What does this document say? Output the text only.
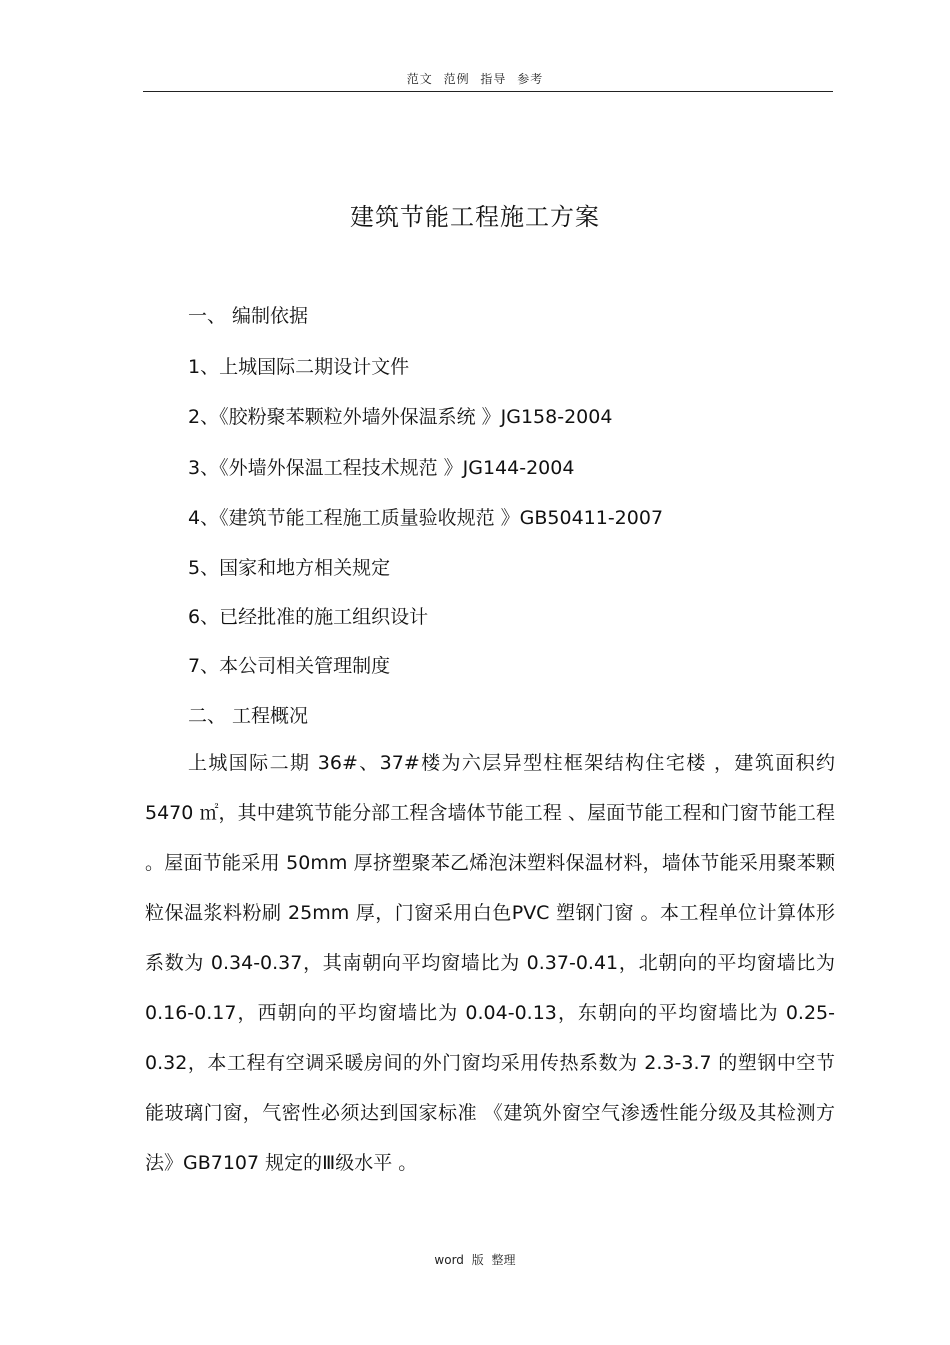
范文 范例 指导 参考
建筑节能工程施工方案
一、 编制依据
1、上城国际二期设计文件
2、《胶粉聚苯颗粒外墙外保温系统 》JG158-2004
3、《外墙外保温工程技术规范 》JG144-2004
4、《建筑节能工程施工质量验收规范 》GB50411-2007
5、国家和地方相关规定
6、已经批准的施工组织设计
7、本公司相关管理制度
二、 工程概况
上城国际二期 36#、37#楼为六层异型柱框架结构住宅楼 ，建筑面积约 5470 ㎡，其中建筑节能分部工程含墙体节能工程 、屋面节能工程和门窗节能工程 。屋面节能采用 50mm 厚挤塑聚苯乙烯泡沫塑料保温材料，墙体节能采用聚苯颗粒保温浆料粉刷 25mm 厚，门窗采用白色PVC 塑钢门窗 。本工程单位计算体形系数为 0.34-0.37，其南朝向平均窗墙比为 0.37-0.41，北朝向的平均窗墙比为 0.16-0.17，西朝向的平均窗墙比为 0.04-0.13，东朝向的平均窗墙比为 0.25-0.32，本工程有空调采暖房间的外门窗均采用传热系数为 2.3-3.7 的塑钢中空节能玻璃门窗，气密性必须达到国家标准 《建筑外窗空气渗透性能分级及其检测方法》GB7107 规定的Ⅲ级水平 。
word 版 整理
